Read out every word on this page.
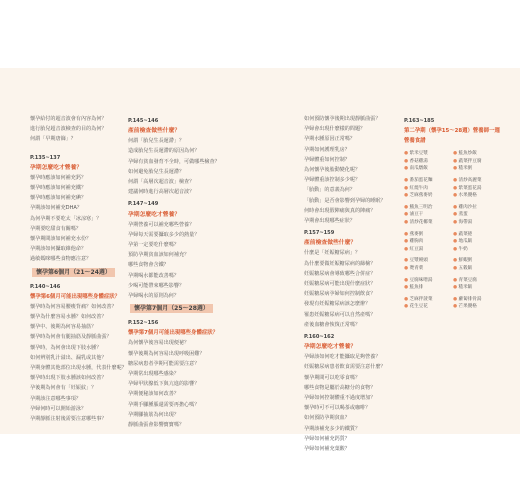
懷孕給付的超音波會有內容為何？
進行胎兒超音波檢查的目的為何？
何謂「早期唐篩」？
P.135~137
孕期怎麼吃才營養？
懷孕時應該如何補充鈣？
懷孕時應該如何補充鐵？
懷孕時應該如何補充碘？
孕期該如何補充DHA？
為何孕期不要吃太「冰涼寒」？
孕期要吃甜食有關嗎？
懷孕期間該如何補充水份？
孕期該如何攝取維他命？
過敏媽咪哪些食物應注意？
懷孕第6個月（21～24週）
P.140~146
懷孕第6個月可能出現哪些身體症狀？
懷孕時為何容易腰痠背痛？如何改善？
懷孕為什麼容易水腫？如何改善？
懷孕中、後期為何容易抽筋？
懷孕時為何會有腿抽筋及靜脈曲張？
懷孕時，為何會出現下肢水腫？
如何辨別乳汁溢出、漏乳或其他？
孕期身體其他部位出現水腫，代表什麼呢？
懷孕時出現下肢水腫該如何改善？
孕後期為何會有「妊娠紋」？
孕期該注意哪些事項？
孕婦何時可以開始游泳？
孕期靜脈注射後需要注意哪些事？
P.145~146
產前檢查做些什麼？
何謂「胎兒生長遲滯」？
造成胎兒生長遲滯的原因為何？
孕婦有貧血發育不全時，可做哪些檢查？
如何避免胎兒生長遲滯？
何謂「高層次超音波」檢查？
建議何時進行高層次超音波？
P.147~149
孕期怎麼吃才營養？
孕期營養可以補充哪些營養？
孕婦每天需要攝取多少的熱量？
孕第一定要吃什麼嗎？
預防孕期貧血該如何補充？
哪些食物會含鐵？
孕期喝水都能改善嗎？
少喝可能帶來哪些影響？
孕婦喝水的原則為何？
懷孕第7個月（25～28週）
P.152~156
懷孕第7個月可能出現哪些身體症狀？
為何懷孕後容易出現便祕？
懷孕後期為何容易出現呼吸困難？
糖尿病患者孕期可能需要注意？
孕期常出現哪些感染？
孕婦甲狀腺低下與亢進的影響？
孕期便秘該如何改善？
孕期手腳腫脹還需要再擔心嗎？
孕期腳抽筋為何出現？
靜脈曲張會影響寶寶嗎？
如何預防懷孕後期出現靜脈曲張？
孕婦會出現什麼樣的問題？
孕期水腫原因正常嗎？
孕期如何護理乳房？
孕婦體重如何控制？
為何懷孕後胎動變化呢？
孕婦體重該控制多少呢？
「胎動」的意義為何？
「胎動」是否會影響到孕婦的睡眠？
何時會出現假陣痛與真的陣痛？
孕期會出現哪些症狀？
P.157~159
產前檢查做些什麼？
什麼是「妊娠糖尿病」？
為什麼要做妊娠糖尿病的篩檢？
妊娠糖尿病會導致哪些合併症？
妊娠糖尿病可能出現什麼症狀？
妊娠糖尿病孕婦如何控制飲食？
發現有妊娠糖尿病該怎麼辦？
罹患妊娠糖尿病可以自然產嗎？
產後血糖會恢復正常嗎？
P.160~162
孕期怎麼吃才營養？
孕婦該如何吃才能攝取足夠營養？
妊娠糖尿病患者飲食需要注意什麼？
懷孕期間可以吃零食嗎？
哪些食物是屬於高糖分的食物？
孕婦如何控制體重不過度增加？
懷孕時可不可以喝茶或咖啡？
如何預防孕期貧血？
孕期該補充多少的鐵質？
孕婦如何補充鈣質？
孕婦如何補充葉酸？
P.163~185
第二孕期（懷孕15～28週）營養師一週營養食譜
● 紫米豆漿	● 鮭魚炒飯
● 香菇雞湯	● 蔬菜拌豆腐
● 南瓜燉飯	● 糙米粥
● 番茄蛋花麵	● 清炒高麗菜
● 紅燒牛肉	● 紫菜蛋花湯
● 芝麻燕麥奶	● 水果優格
● 鮪魚三明治	● 雞肉沙拉
● 滷豆干	● 蒸蛋
● 清炒花椰菜	● 海帶湯
● 燕麥粥	● 蔬菜捲
● 雞胸肉	● 地瓜飯
● 紅豆湯	● 牛奶
● 豆漿饅頭	● 鮮蝦粥
● 燙青菜	● 五穀飯
● 豆腐味噌湯	● 青菜豆腐
● 鮭魚排	● 糙米飯
● 芝麻拌菠菜	● 蘿蔔排骨湯
● 花生豆花	● 芒果優格
